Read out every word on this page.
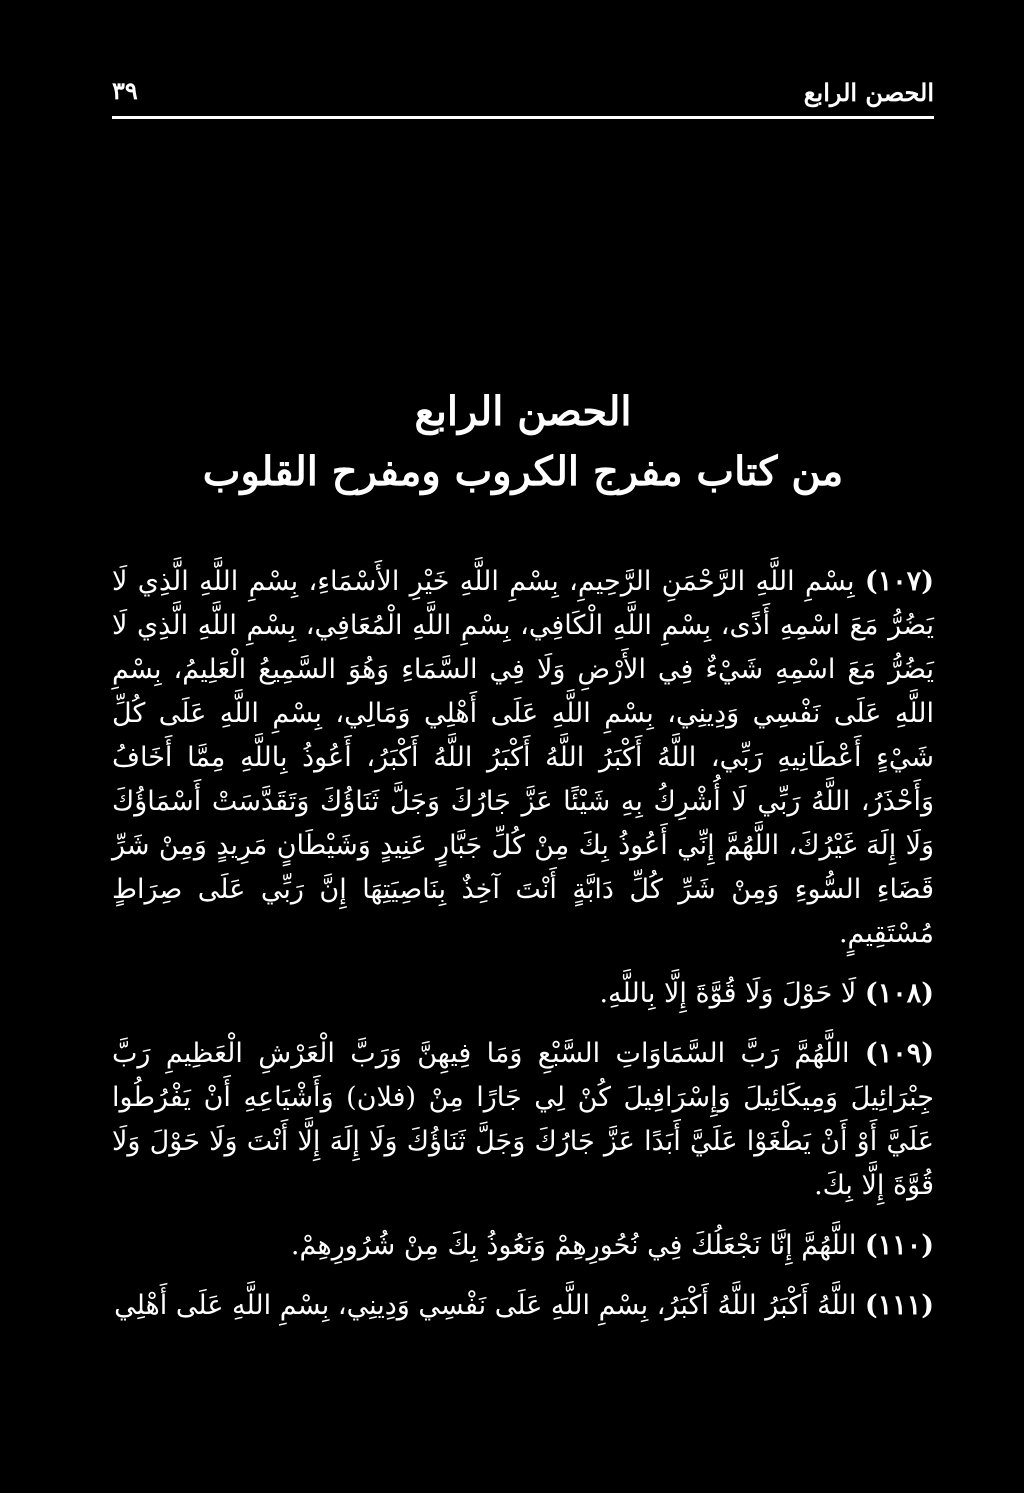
الحصن الرابع
٣٩
الحصن الرابع
من كتاب مفرج الكروب ومفرح القلوب

(١٠٧) بِسْمِ اللَّهِ الرَّحْمَنِ الرَّحِيمِ، بِسْمِ اللَّهِ خَيْرِ الأَسْمَاءِ، بِسْمِ اللَّهِ الَّذِي لَا يَضُرُّ مَعَ اسْمِهِ أَذًى، بِسْمِ اللَّهِ الْكَافِي، بِسْمِ اللَّهِ الْمُعَافِي، بِسْمِ اللَّهِ الَّذِي لَا يَضُرُّ مَعَ اسْمِهِ شَيْءٌ فِي الأَرْضِ وَلَا فِي السَّمَاءِ وَهُوَ السَّمِيعُ الْعَلِيمُ، بِسْمِ اللَّهِ عَلَى نَفْسِي وَدِينِي، بِسْمِ اللَّهِ عَلَى أَهْلِي وَمَالِي، بِسْمِ اللَّهِ عَلَى كُلِّ شَيْءٍ أَعْطَانِيهِ رَبِّي، اللَّهُ أَكْبَرُ اللَّهُ أَكْبَرُ اللَّهُ أَكْبَرُ، أَعُوذُ بِاللَّهِ مِمَّا أَخَافُ وَأَحْذَرُ، اللَّهُ رَبِّي لَا أُشْرِكُ بِهِ شَيْئًا عَزَّ جَارُكَ وَجَلَّ ثَنَاؤُكَ وَتَقَدَّسَتْ أَسْمَاؤُكَ وَلَا إِلَهَ غَيْرُكَ، اللَّهُمَّ إِنِّي أَعُوذُ بِكَ مِنْ كُلِّ جَبَّارٍ عَنِيدٍ وَشَيْطَانٍ مَرِيدٍ وَمِنْ شَرِّ قَضَاءِ السُّوءِ وَمِنْ شَرِّ كُلِّ دَابَّةٍ أَنْتَ آخِذٌ بِنَاصِيَتِهَا إِنَّ رَبِّي عَلَى صِرَاطٍ مُسْتَقِيمٍ.

(١٠٨) لَا حَوْلَ وَلَا قُوَّةَ إِلَّا بِاللَّهِ.

(١٠٩) اللَّهُمَّ رَبَّ السَّمَاوَاتِ السَّبْعِ وَمَا فِيهِنَّ وَرَبَّ الْعَرْشِ الْعَظِيمِ رَبَّ جِبْرَائِيلَ وَمِيكَائِيلَ وَإِسْرَافِيلَ كُنْ لِي جَارًا مِنْ (فلان) وَأَشْيَاعِهِ أَنْ يَفْرُطُوا عَلَيَّ أَوْ أَنْ يَطْغَوْا عَلَيَّ أَبَدًا عَزَّ جَارُكَ وَجَلَّ ثَنَاؤُكَ وَلَا إِلَهَ إِلَّا أَنْتَ وَلَا حَوْلَ وَلَا قُوَّةَ إِلَّا بِكَ.

(١١٠) اللَّهُمَّ إِنَّا نَجْعَلُكَ فِي نُحُورِهِمْ وَنَعُوذُ بِكَ مِنْ شُرُورِهِمْ.

(١١١) اللَّهُ أَكْبَرُ اللَّهُ أَكْبَرُ، بِسْمِ اللَّهِ عَلَى نَفْسِي وَدِينِي، بِسْمِ اللَّهِ عَلَى أَهْلِي
